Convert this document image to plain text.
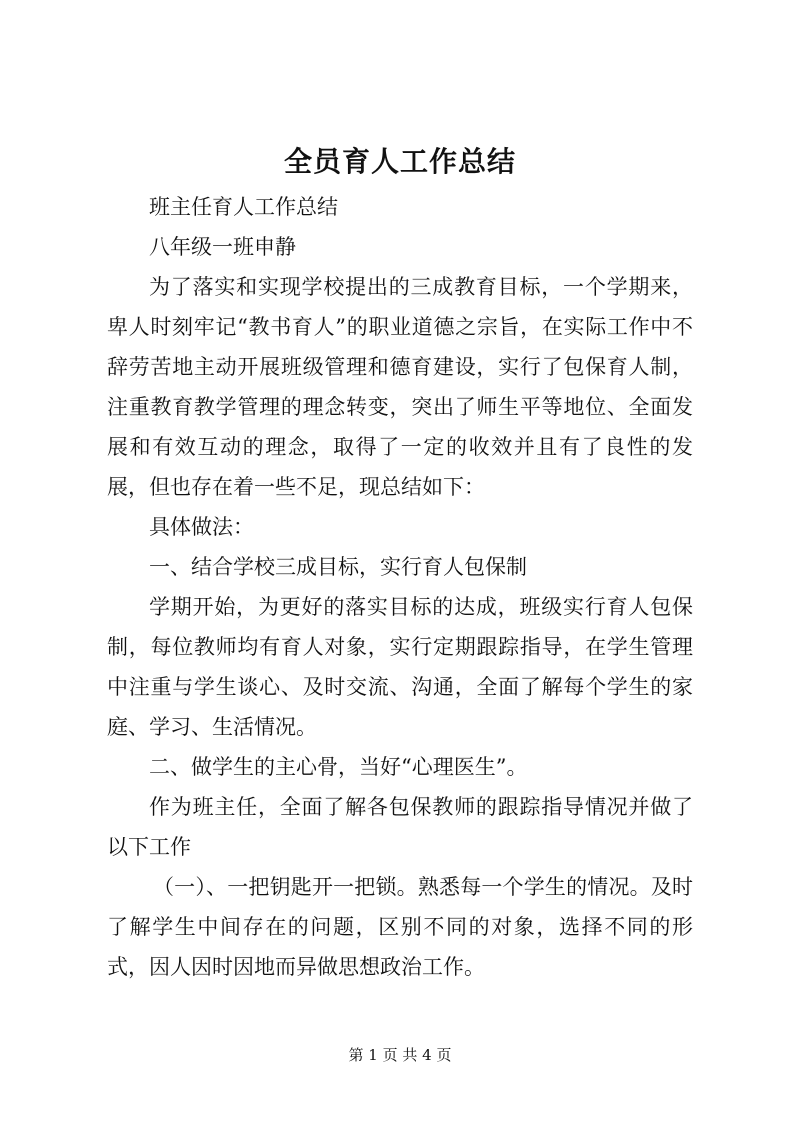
全员育人工作总结

班主任育人工作总结

八年级一班申静

为了落实和实现学校提出的三成教育目标，一个学期来，卑人时刻牢记“教书育人”的职业道德之宗旨，在实际工作中不辞劳苦地主动开展班级管理和德育建设，实行了包保育人制，注重教育教学管理的理念转变，突出了师生平等地位、全面发展和有效互动的理念，取得了一定的收效并且有了良性的发展，但也存在着一些不足，现总结如下：

具体做法：

一、结合学校三成目标，实行育人包保制

学期开始，为更好的落实目标的达成，班级实行育人包保制，每位教师均有育人对象，实行定期跟踪指导，在学生管理中注重与学生谈心、及时交流、沟通，全面了解每个学生的家庭、学习、生活情况。

二、做学生的主心骨，当好“心理医生”。

作为班主任，全面了解各包保教师的跟踪指导情况并做了以下工作

（一）、一把钥匙开一把锁。熟悉每一个学生的情况。及时了解学生中间存在的问题，区别不同的对象，选择不同的形式，因人因时因地而异做思想政治工作。

第 1 页 共 4 页
